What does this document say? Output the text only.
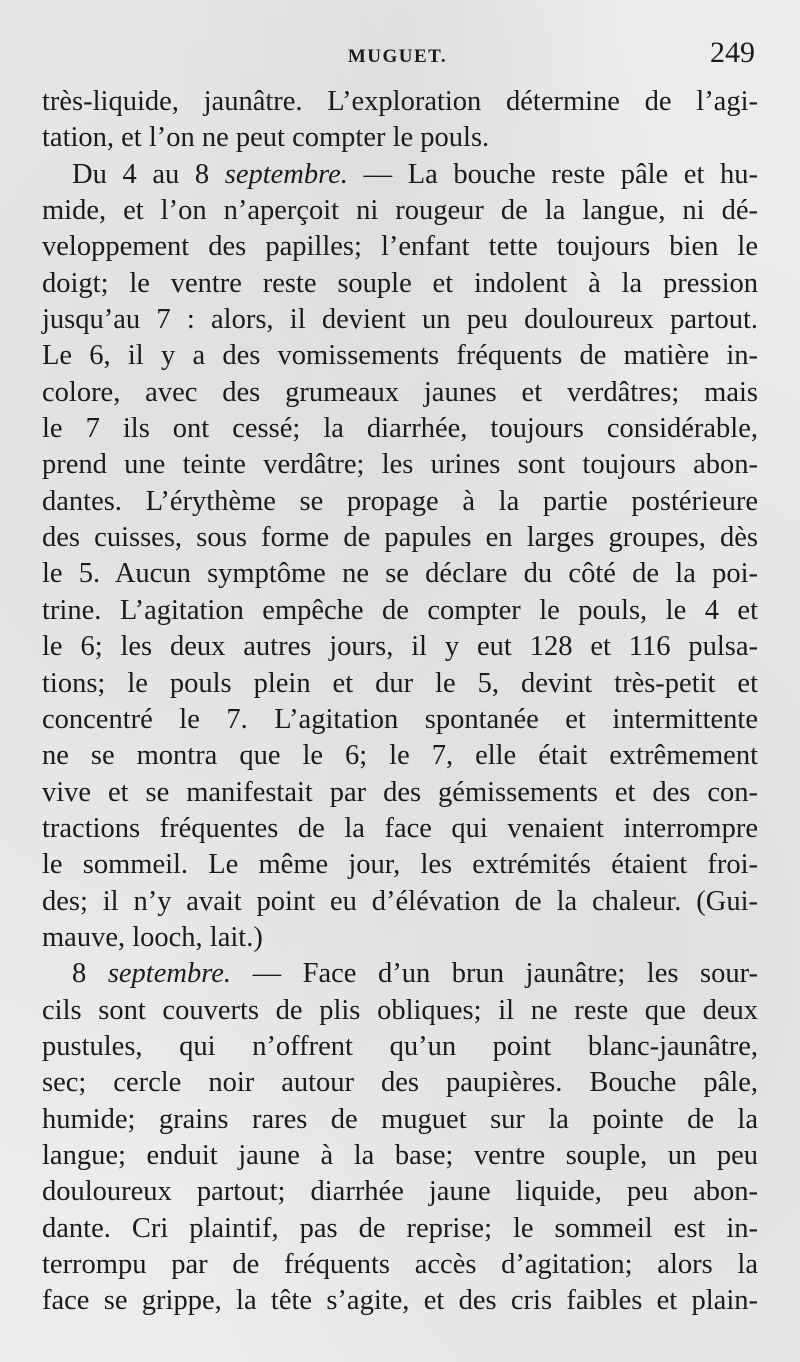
MUGUET.	249
très-liquide, jaunâtre. L’exploration détermine de l’agi-
tation, et l’on ne peut compter le pouls.
Du 4 au 8 septembre. — La bouche reste pâle et hu-
mide, et l’on n’aperçoit ni rougeur de la langue, ni dé-
veloppement des papilles; l’enfant tette toujours bien le
doigt; le ventre reste souple et indolent à la pression
jusqu’au 7 : alors, il devient un peu douloureux partout.
Le 6, il y a des vomissements fréquents de matière in-
colore, avec des grumeaux jaunes et verdâtres; mais
le 7 ils ont cessé; la diarrhée, toujours considérable,
prend une teinte verdâtre; les urines sont toujours abon-
dantes. L’érythème se propage à la partie postérieure
des cuisses, sous forme de papules en larges groupes, dès
le 5. Aucun symptôme ne se déclare du côté de la poi-
trine. L’agitation empêche de compter le pouls, le 4 et
le 6; les deux autres jours, il y eut 128 et 116 pulsa-
tions; le pouls plein et dur le 5, devint très-petit et
concentré le 7. L’agitation spontanée et intermittente
ne se montra que le 6; le 7, elle était extrêmement
vive et se manifestait par des gémissements et des con-
tractions fréquentes de la face qui venaient interrompre
le sommeil. Le même jour, les extrémités étaient froi-
des; il n’y avait point eu d’élévation de la chaleur. (Gui-
mauve, looch, lait.)
8 septembre. — Face d’un brun jaunâtre; les sour-
cils sont couverts de plis obliques; il ne reste que deux
pustules, qui n’offrent qu’un point blanc-jaunâtre,
sec; cercle noir autour des paupières. Bouche pâle,
humide; grains rares de muguet sur la pointe de la
langue; enduit jaune à la base; ventre souple, un peu
douloureux partout; diarrhée jaune liquide, peu abon-
dante. Cri plaintif, pas de reprise; le sommeil est in-
terrompu par de fréquents accès d’agitation; alors la
face se grippe, la tête s’agite, et des cris faibles et plain-
